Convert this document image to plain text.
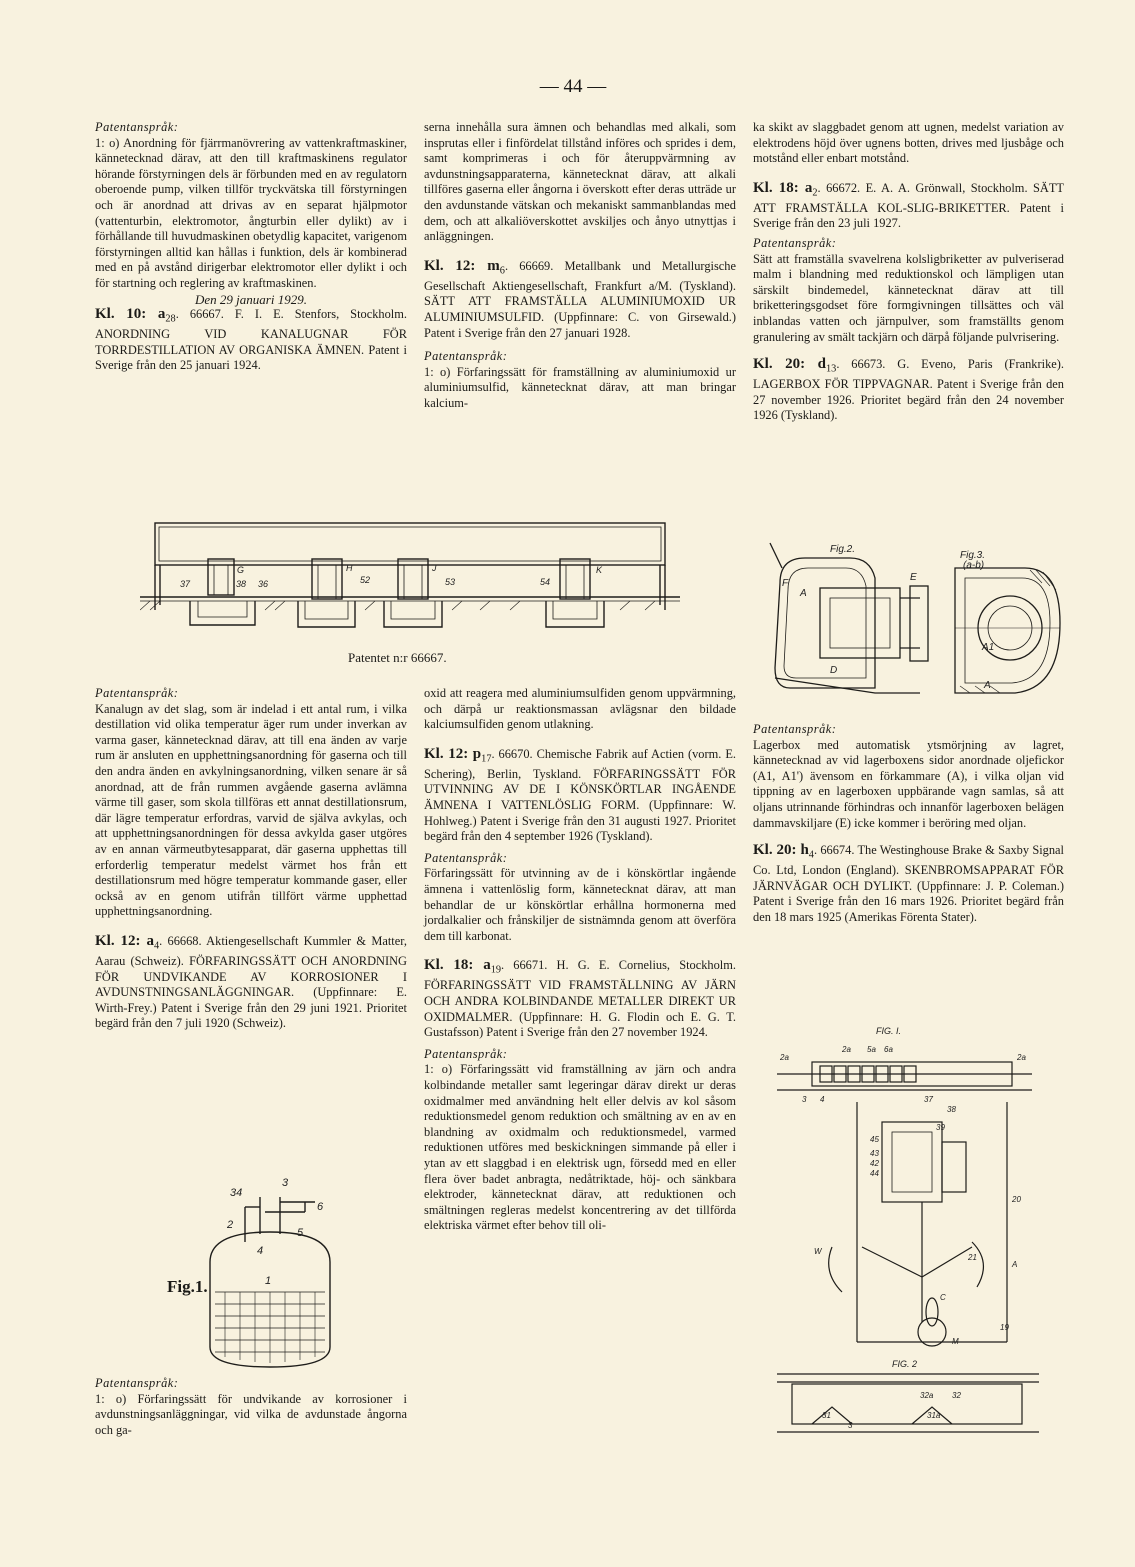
— 44 —

Patentanspråk:

1: o) Anordning för fjärrmanövrering av vattenkraftmaskiner, kännetecknad därav, att den till kraftmaskinens regulator hörande förstyrningen dels är förbunden med en av regulatorn oberoende pump, vilken tillför tryckvätska till förstyrningen och är anordnad att drivas av en separat hjälpmotor (vattenturbin, elektromotor, ångturbin eller dylikt) av i förhållande till huvudmaskinen obetydlig kapacitet, varigenom förstyrningen alltid kan hållas i funktion, dels är kombinerad med en på avstånd dirigerbar elektromotor eller dylikt i och för startning och reglering av kraftmaskinen.

Den 29 januari 1929.

Kl. 10: $a_{28}$. 66667. F. I. E. Stenfors, Stockholm. ANORDNING VID KANALUGNAR FÖR TORRDESTILLATION AV ORGANISKA ÄMNEN. Patent i Sverige från den 25 januari 1924.

serna innehålla sura ämnen och behandlas med alkali, som insprutas eller i finfördelat tillstånd införes och sprides i dem, samt komprimeras i och för återuppvärmning av avdunstningsapparaterna, kännetecknat därav, att alkali tillföres gaserna eller ångorna i överskott efter deras utträde ur den avdunstande vätskan och mekaniskt sammanblandas med dem, och att alkaliöverskottet avskiljes och ånyo utnyttjas i anläggningen.

Kl. 12: $m_6$. 66669. Metallbank und Metallurgische Gesellschaft Aktiengesellschaft, Frankfurt a/M. (Tyskland). SÄTT ATT FRAMSTÄLLA ALUMINIUMOXID UR ALUMINIUMSULFID. (Uppfinnare: C. von Girsewald.) Patent i Sverige från den 27 januari 1928.

Patentanspråk:

1: o) Förfaringssätt för framställning av aluminiumoxid ur aluminiumsulfid, kännetecknat därav, att man bringar kalcium-

ka skikt av slaggbadet genom att ugnen, medelst variation av elektrodens höjd över ugnens botten, drives med ljusbåge och motstånd eller enbart motstånd.

Kl. 18: $a_2$. 66672. E. A. A. Grönwall, Stockholm. SÄTT ATT FRAMSTÄLLA KOL-SLIG-BRIKETTER. Patent i Sverige från den 23 juli 1927.

Patentanspråk:

Sätt att framställa svavelrena kolsligbriketter av pulveriserad malm i blandning med reduktionskol och lämpligen utan särskilt bindemedel, kännetecknat därav att till briketteringsgodset före formgivningen tillsättes och väl inblandas vatten och järnpulver, som framställts genom granulering av smält tackjärn och därpå följande pulvrisering.

Kl. 20: $d_{13}$. 66673. G. Eveno, Paris (Frankrike). LAGERBOX FÖR TIPPVAGNAR. Patent i Sverige från den 27 november 1926. Prioritet begärd från den 24 november 1926 (Tyskland).

G
37	38 36
H
52
J
53	54
K
Patentet n:r 66667.
Fig.2.
Fig.3.
(a-b)
F
A
D
E
A1
A

Patentanspråk:

Kanalugn av det slag, som är indelad i ett antal rum, i vilka destillation vid olika temperatur äger rum under inverkan av varma gaser, kännetecknad därav, att till ena änden av varje rum är ansluten en upphettningsanordning för gaserna och till den andra änden en avkylningsanordning, vilken senare är så anordnad, att de från rummen avgående gaserna avlämna värme till gaser, som skola tillföras ett annat destillationsrum, där lägre temperatur erfordras, varvid de själva avkylas, och att upphettningsanordningen för dessa avkylda gaser utgöres av en annan värmeutbytesapparat, där gaserna upphettas till erforderlig temperatur medelst värmet hos från ett destillationsrum med högre temperatur kommande gaser, eller också av en genom utifrån tillfört värme upphettad upphettningsanordning.

Kl. 12: $a_4$. 66668. Aktiengesellschaft Kummler & Matter, Aarau (Schweiz). FÖRFARINGSSÄTT OCH ANORDNING FÖR UNDVIKANDE AV KORROSIONER I AVDUNSTNINGSANLÄGGNINGAR. (Uppfinnare: E. Wirth-Frey.) Patent i Sverige från den 29 juni 1921. Prioritet begärd från den 7 juli 1920 (Schweiz).

Fig.1.
34
3
6
2
5
4
1

Patentanspråk:

1: o) Förfaringssätt för undvikande av korrosioner i avdunstningsanläggningar, vid vilka de avdunstade ångorna och ga-

oxid att reagera med aluminiumsulfiden genom uppvärmning, och därpå ur reaktionsmassan avlägsnar den bildade kalciumsulfiden genom utlakning.

Kl. 12: $p_{17}$. 66670. Chemische Fabrik auf Actien (vorm. E. Schering), Berlin, Tyskland. FÖRFARINGSSÄTT FÖR UTVINNING AV DE I KÖNSKÖRTLAR INGÅENDE ÄMNENA I VATTENLÖSLIG FORM. (Uppfinnare: W. Hohlweg.) Patent i Sverige från den 31 augusti 1927. Prioritet begärd från den 4 september 1926 (Tyskland).

Patentanspråk:

Förfaringssätt för utvinning av de i könskörtlar ingående ämnena i vattenlöslig form, kännetecknat därav, att man behandlar de ur könskörtlar erhållna hormonerna med jordalkalier och frånskiljer de sistnämnda genom att överföra dem till karbonat.

Kl. 18: $a_{19}$. 66671. H. G. E. Cornelius, Stockholm. FÖRFARINGSSÄTT VID FRAMSTÄLLNING AV JÄRN OCH ANDRA KOLBINDANDE METALLER DIREKT UR OXIDMALMER. (Uppfinnare: H. G. Flodin och E. G. T. Gustafsson) Patent i Sverige från den 27 november 1924.

Patentanspråk:

1: o) Förfaringssätt vid framställning av järn och andra kolbindande metaller samt legeringar därav direkt ur deras oxidmalmer med användning helt eller delvis av kol såsom reduktionsmedel genom reduktion och smältning av en av en blandning av oxidmalm och reduktionsmedel, varmed reduktionen utföres med beskickningen simmande på eller i ytan av ett slaggbad i en elektrisk ugn, försedd med en eller flera över badet anbragta, nedåtriktade, höj- och sänkbara elektroder, kännetecknat därav, att reduktionen och smältningen regleras medelst koncentrering av det tillförda elektriska värmet efter behov till oli-

Patentanspråk:

Lagerbox med automatisk ytsmörjning av lagret, kännetecknad av vid lagerboxens sidor anordnade oljefickor (A1, A1') ävensom en förkammare (A), i vilka oljan vid tippning av en lagerboxen uppbärande vagn samlas, så att oljans utrinnande förhindras och innanför lagerboxen belägen dammavskiljare (E) icke kommer i beröring med oljan.

Kl. 20: $h_4$. 66674. The Westinghouse Brake & Saxby Signal Co. Ltd, London (England). SKENBROMSAPPARAT FÖR JÄRNVÄGAR OCH DYLIKT. (Uppfinnare: J. P. Coleman.) Patent i Sverige från den 16 mars 1926. Prioritet begärd från den 18 mars 1925 (Amerikas Förenta Stater).

FIG. I.
FIG. 2
2a
2a 5a 6a
2a
3 4	37
38
45
39
43
42
44
20
A
W
C
M
21
19
32
31
32a
31a
3
